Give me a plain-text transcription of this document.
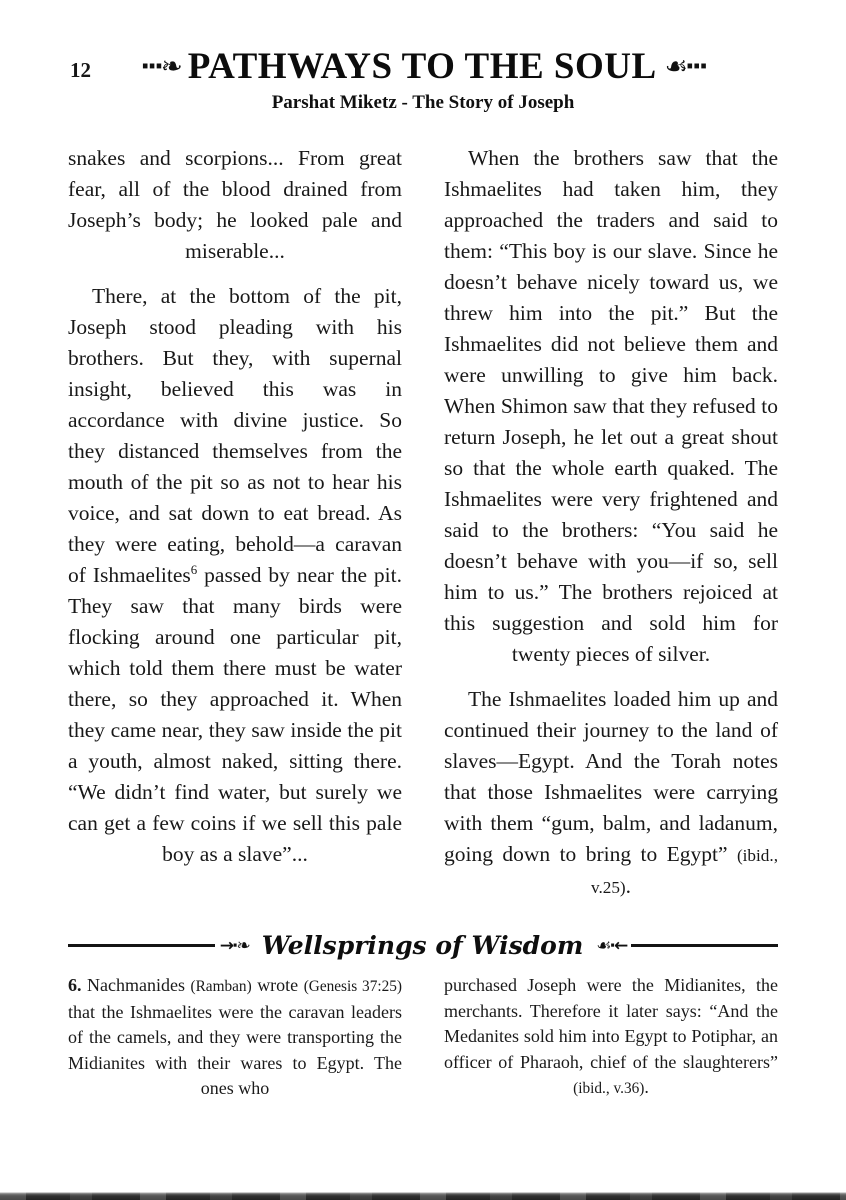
12 ∙∙∙❧ PATHWAYS TO THE SOUL ☙∙∙∙
Parshat Miketz - The Story of Joseph

snakes and scorpions... From great fear, all of the blood drained from Joseph’s body; he looked pale and miserable...

There, at the bottom of the pit, Joseph stood pleading with his brothers. But they, with supernal insight, believed this was in accordance with divine justice. So they distanced themselves from the mouth of the pit so as not to hear his voice, and sat down to eat bread. As they were eating, behold—a caravan of Ishmaelites$^6$ passed by near the pit. They saw that many birds were flocking around one particular pit, which told them there must be water there, so they approached it. When they came near, they saw inside the pit a youth, almost naked, sitting there. “We didn’t find water, but surely we can get a few coins if we sell this pale boy as a slave”...

When the brothers saw that the Ishmaelites had taken him, they approached the traders and said to them: “This boy is our slave. Since he doesn’t behave nicely toward us, we threw him into the pit.” But the Ishmaelites did not believe them and were unwilling to give him back. When Shimon saw that they refused to return Joseph, he let out a great shout so that the whole earth quaked. The Ishmaelites were very frightened and said to the brothers: “You said he doesn’t behave with you—if so, sell him to us.” The brothers rejoiced at this suggestion and sold him for twenty pieces of silver.

The Ishmaelites loaded him up and continued their journey to the land of slaves—Egypt. And the Torah notes that those Ishmaelites were carrying with them “gum, balm, and ladanum, going down to bring to Egypt” (ibid., v.25).

→∙❧ Wellsprings of Wisdom ☙∙←

6. Nachmanides (Ramban) wrote (Genesis 37:25) that the Ishmaelites were the caravan leaders of the camels, and they were transporting the Midianites with their wares to Egypt. The ones who

purchased Joseph were the Midianites, the merchants. Therefore it later says: “And the Medanites sold him into Egypt to Potiphar, an officer of Pharaoh, chief of the slaughterers” (ibid., v.36).
